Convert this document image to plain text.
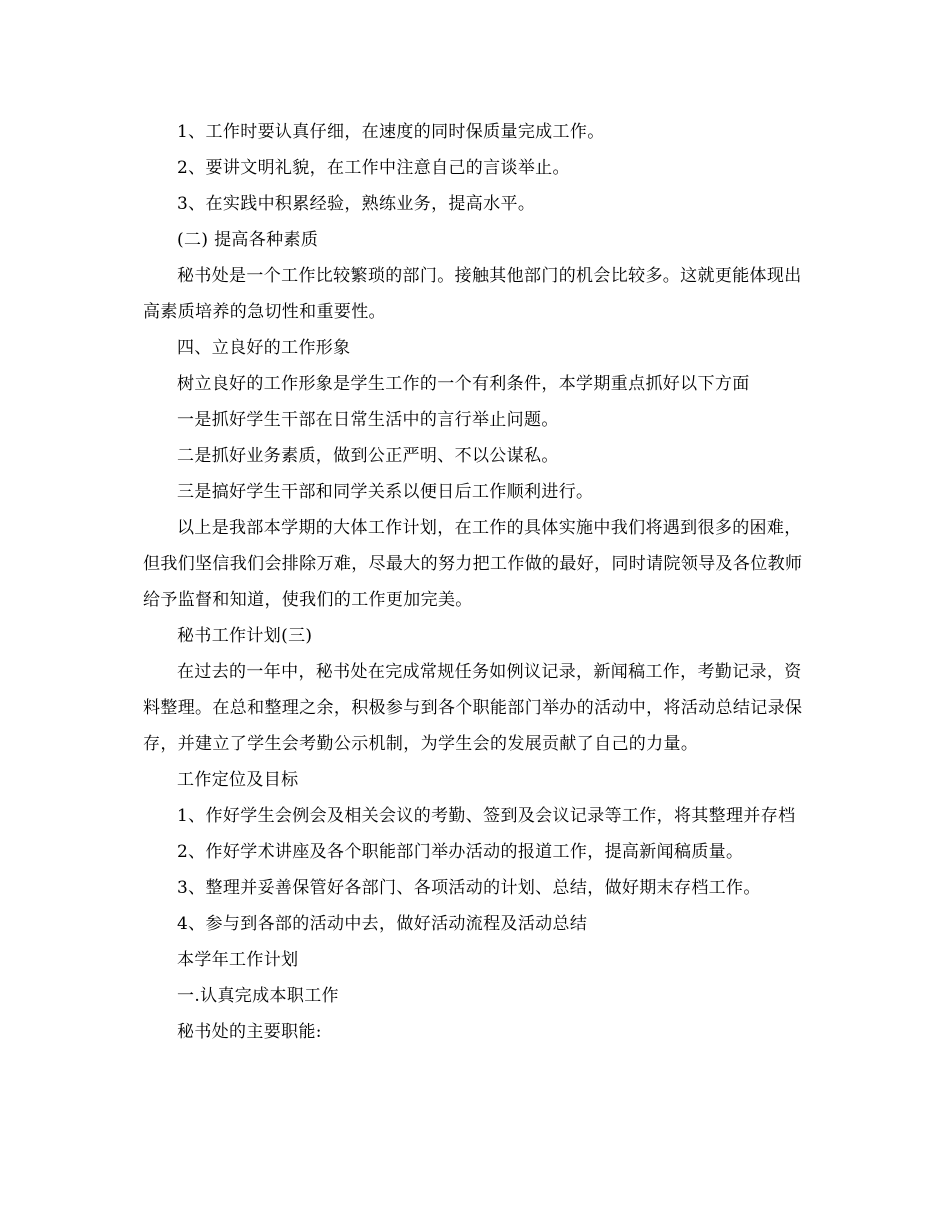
1、工作时要认真仔细，在速度的同时保质量完成工作。

2、要讲文明礼貌，在工作中注意自己的言谈举止。

3、在实践中积累经验，熟练业务，提高水平。

(二) 提高各种素质

秘书处是一个工作比较繁琐的部门。接触其他部门的机会比较多。这就更能体现出高素质培养的急切性和重要性。

四、立良好的工作形象

树立良好的工作形象是学生工作的一个有利条件，本学期重点抓好以下方面

一是抓好学生干部在日常生活中的言行举止问题。

二是抓好业务素质，做到公正严明、不以公谋私。

三是搞好学生干部和同学关系以便日后工作顺利进行。

以上是我部本学期的大体工作计划，在工作的具体实施中我们将遇到很多的困难，但我们坚信我们会排除万难，尽最大的努力把工作做的最好，同时请院领导及各位教师给予监督和知道，使我们的工作更加完美。

秘书工作计划(三)

在过去的一年中，秘书处在完成常规任务如例议记录，新闻稿工作，考勤记录，资料整理。在总和整理之余，积极参与到各个职能部门举办的活动中，将活动总结记录保存，并建立了学生会考勤公示机制，为学生会的发展贡献了自己的力量。

工作定位及目标

1、作好学生会例会及相关会议的考勤、签到及会议记录等工作，将其整理并存档

2、作好学术讲座及各个职能部门举办活动的报道工作，提高新闻稿质量。

3、整理并妥善保管好各部门、各项活动的计划、总结，做好期末存档工作。

4、参与到各部的活动中去，做好活动流程及活动总结

本学年工作计划

一.认真完成本职工作

秘书处的主要职能:
